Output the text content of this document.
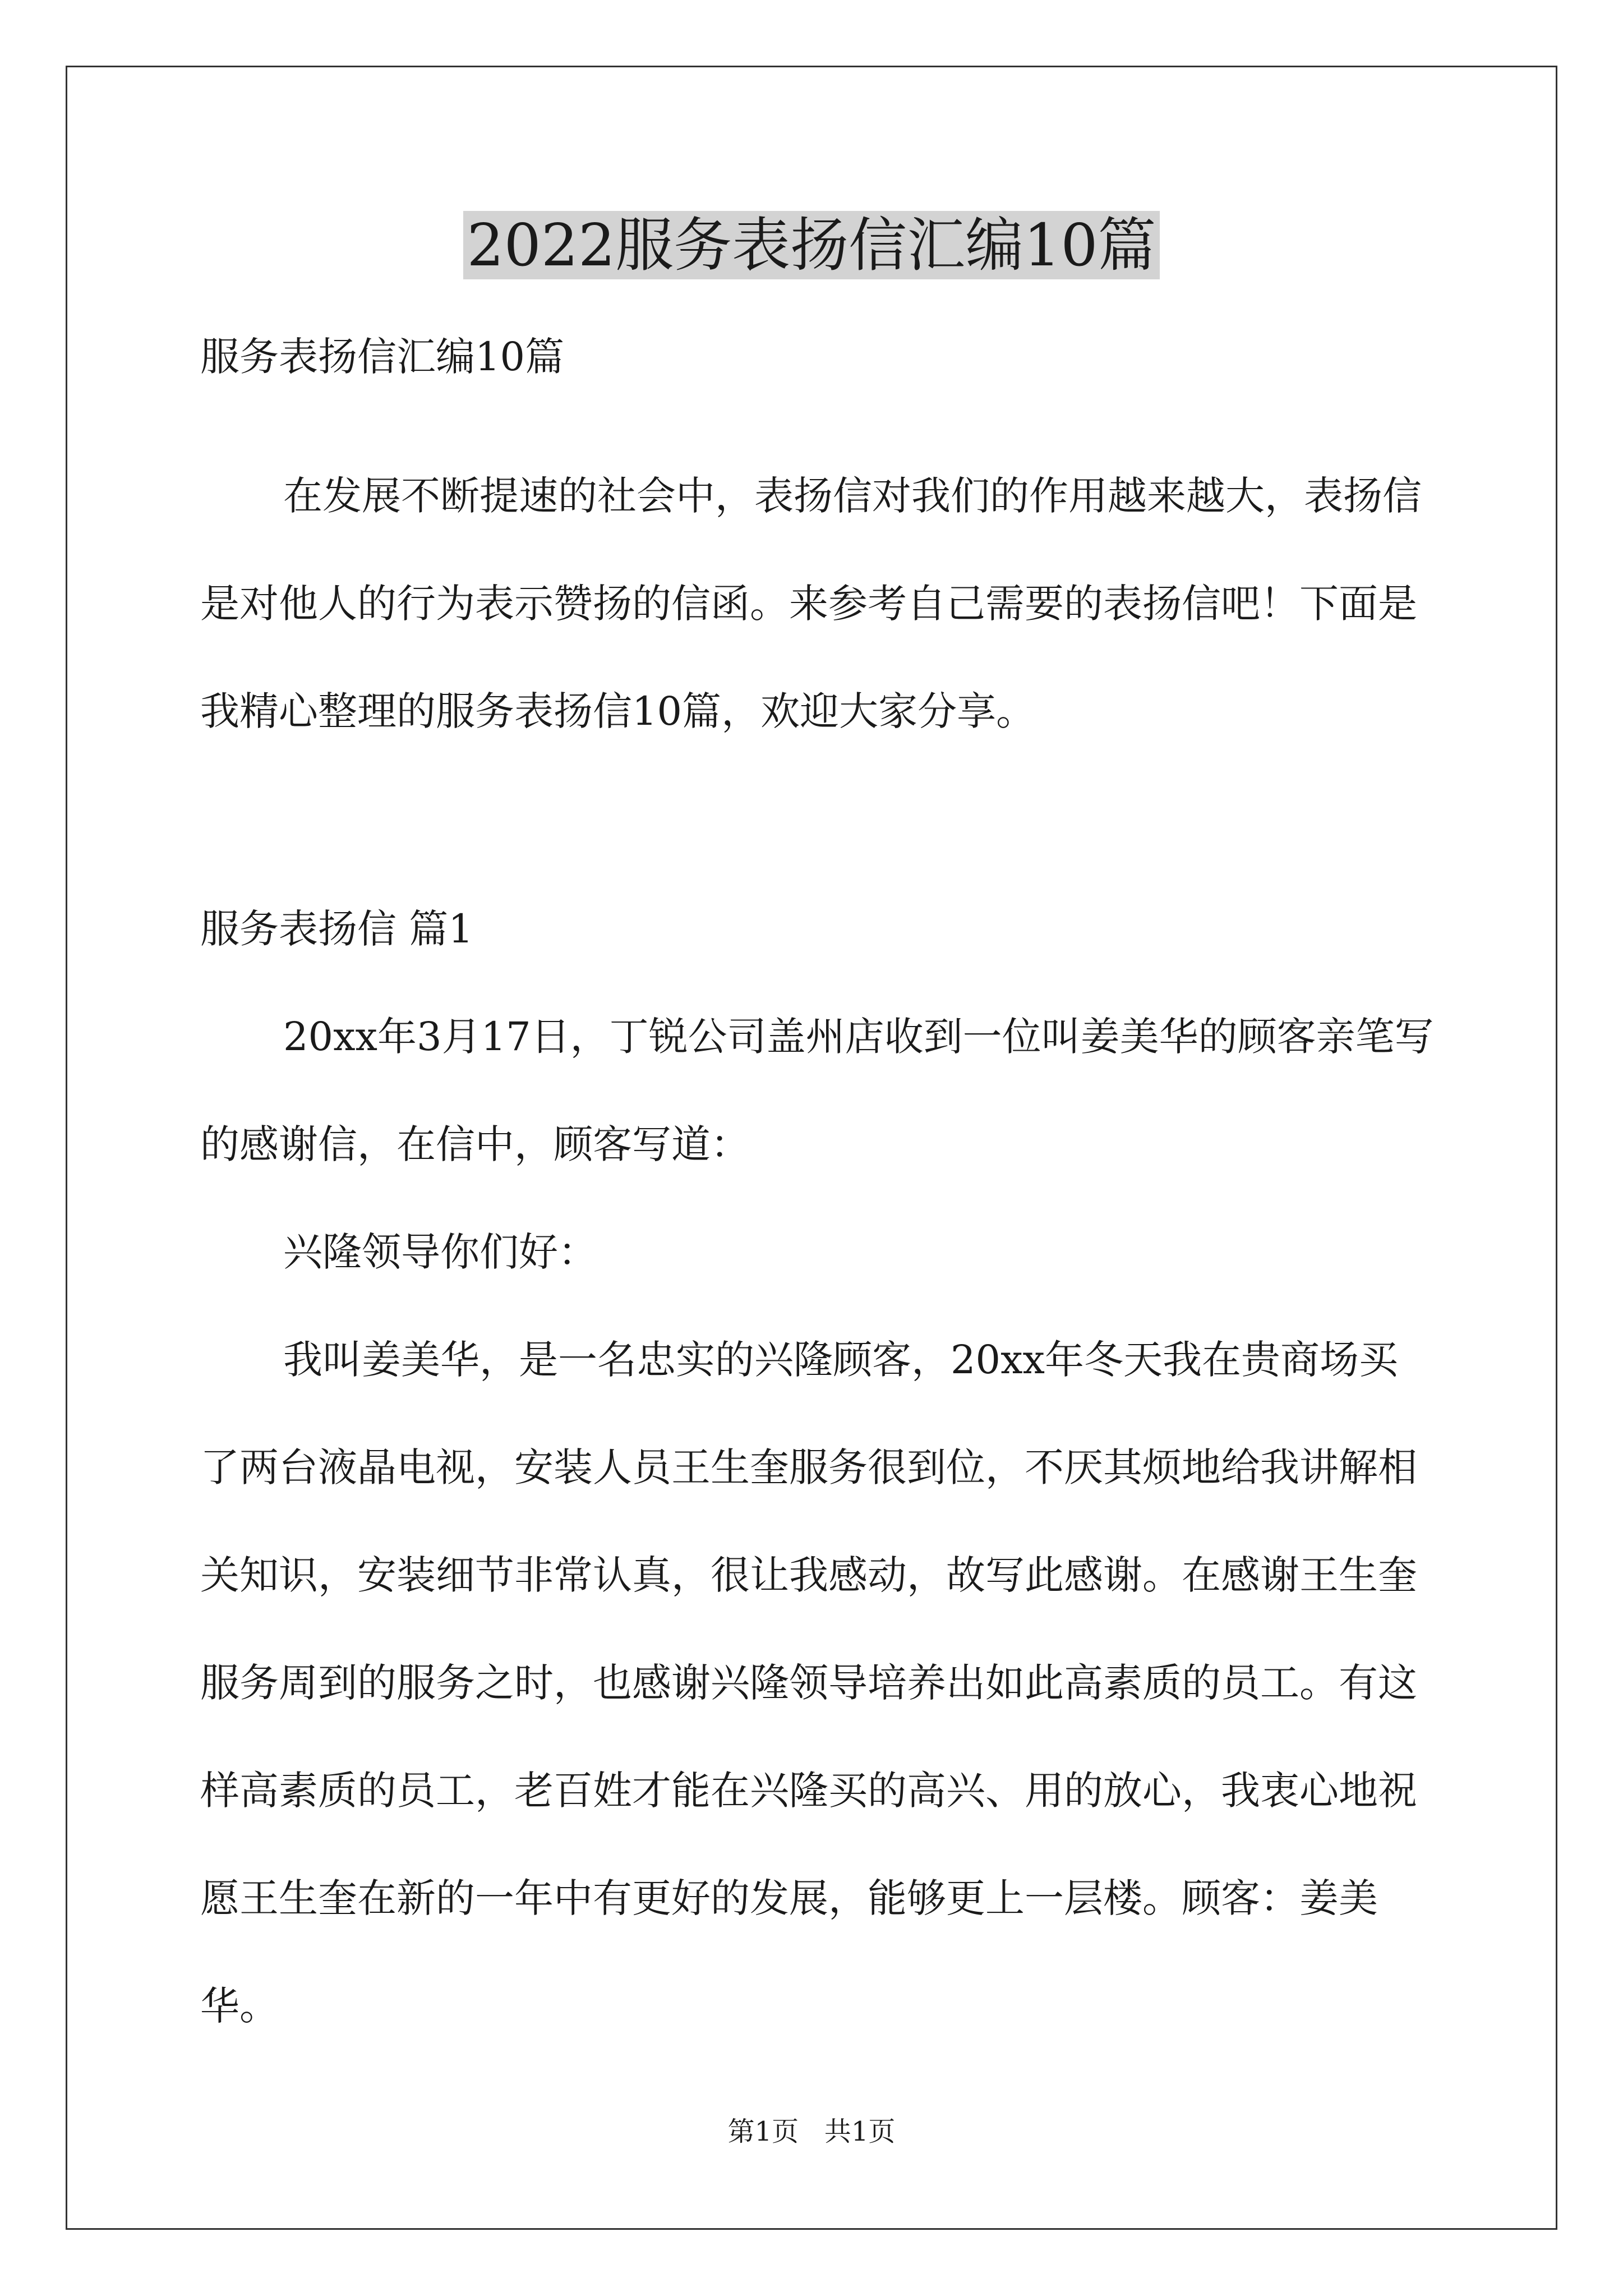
2022服务表扬信汇编10篇

服务表扬信汇编10篇

在发展不断提速的社会中，表扬信对我们的作用越来越大，表扬信是对他人的行为表示赞扬的信函。来参考自己需要的表扬信吧！下面是我精心整理的服务表扬信10篇，欢迎大家分享。

服务表扬信 篇1

20xx年3月17日，丁锐公司盖州店收到一位叫姜美华的顾客亲笔写的感谢信，在信中，顾客写道：

兴隆领导你们好：

我叫姜美华，是一名忠实的兴隆顾客，20xx年冬天我在贵商场买了两台液晶电视，安装人员王生奎服务很到位，不厌其烦地给我讲解相关知识，安装细节非常认真，很让我感动，故写此感谢。在感谢王生奎服务周到的服务之时，也感谢兴隆领导培养出如此高素质的员工。有这样高素质的员工，老百姓才能在兴隆买的高兴、用的放心，我衷心地祝愿王生奎在新的一年中有更好的发展，能够更上一层楼。顾客：姜美华。

第1页   共1页
